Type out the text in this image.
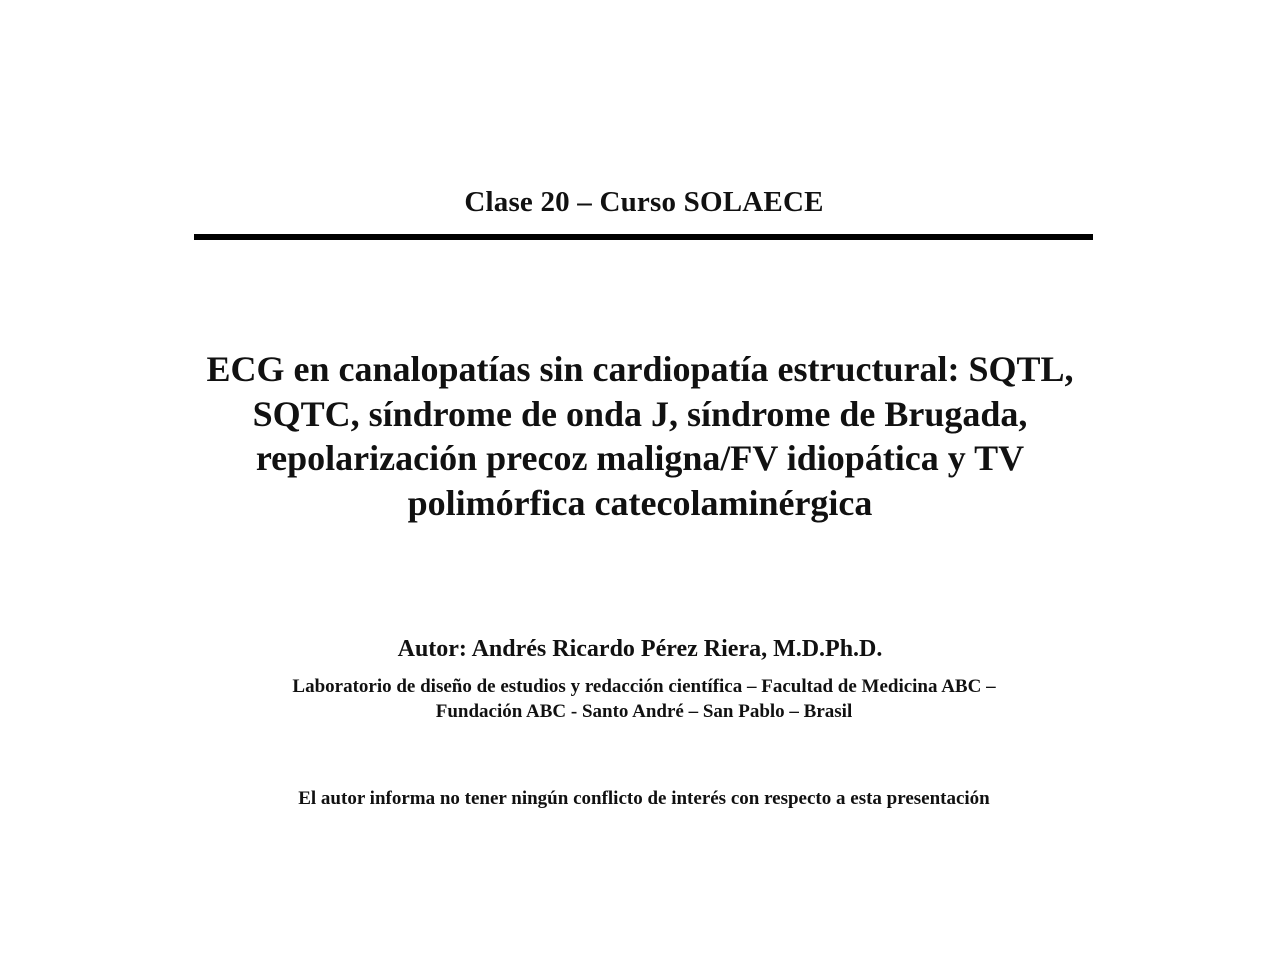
Clase 20 – Curso SOLAECE
ECG en canalopatías sin cardiopatía estructural: SQTL,
SQTC, síndrome de onda J, síndrome de Brugada,
repolarización precoz maligna/FV idiopática y TV
polimórfica catecolaminérgica
Autor: Andrés Ricardo Pérez Riera, M.D.Ph.D.
Laboratorio de diseño de estudios y redacción científica – Facultad de Medicina ABC –
Fundación ABC - Santo André – San Pablo – Brasil
El autor informa no tener ningún conflicto de interés con respecto a esta presentación
